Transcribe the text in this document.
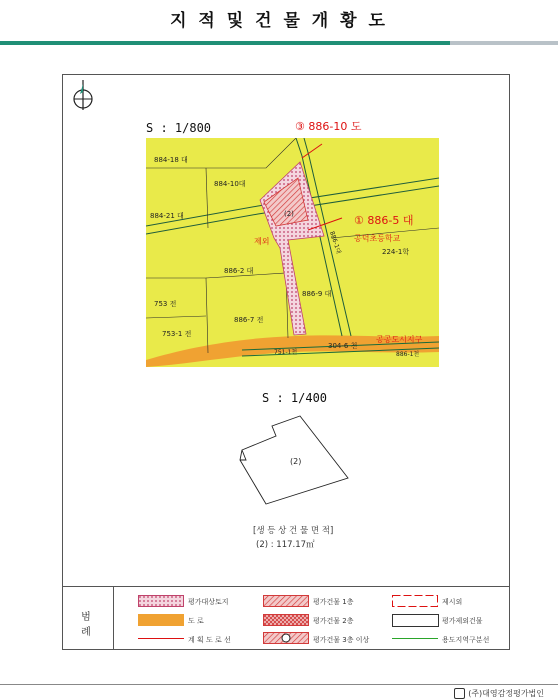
지 적 및 건 물 개 황 도
S : 1/800
884-18 대
884-10대
884-21 대
886-2 대
886-7 전
886-9 대
753 전
753-1 전
224-1학
886-1대
304-6 천
751-1천	886-1천
공공도시지구
(2)
제외	공덕초등학교
③ 886-10 도
① 886-5 대
S : 1/400
(2)
[생 등 상 건 물 면 적]
(2) : 117.17㎡
범 례
평가대상토지	평가건물 1층	제시외
도 로	평가건물 2층	평가제외건물
계 획 도 로 선	평가건물 3층 이상	용도지역구분선
(주)대영감정평가법인
